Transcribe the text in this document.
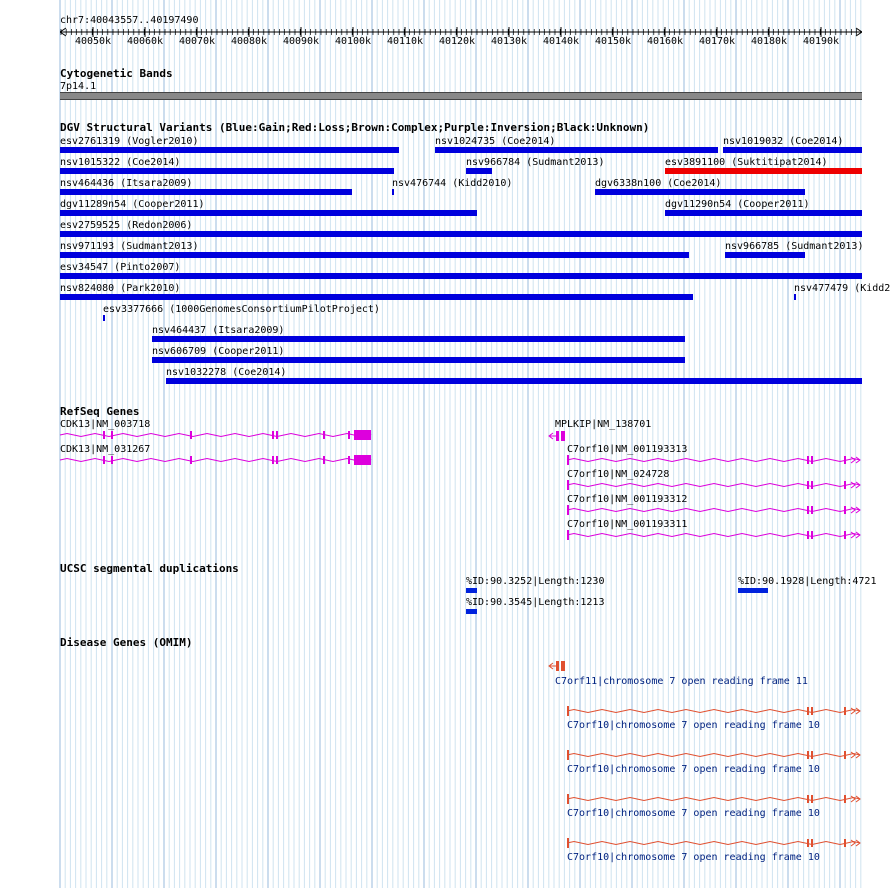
chr7:40043557..40197490
40050k 40060k 40070k 40080k 40090k 40100k 40110k 40120k 40130k 40140k 40150k 40160k 40170k 40180k 40190k
Cytogenetic Bands
7p14.1
DGV Structural Variants (Blue:Gain;Red:Loss;Brown:Complex;Purple:Inversion;Black:Unknown)
esv2761319 (Vogler2010)	nsv1024735 (Coe2014)	nsv1019032 (Coe2014)
nsv1015322 (Coe2014)	nsv966784 (Sudmant2013)	esv3891100 (Suktitipat2014)
nsv464436 (Itsara2009)	nsv476744 (Kidd2010)	dgv6338n100 (Coe2014)
dgv11289n54 (Cooper2011)	dgv11290n54 (Cooper2011)
esv2759525 (Redon2006)
nsv971193 (Sudmant2013)	nsv966785 (Sudmant2013)
esv34547 (Pinto2007)
nsv824080 (Park2010)	nsv477479 (Kidd2
esv3377666 (1000GenomesConsortiumPilotProject)
nsv464437 (Itsara2009)
nsv606709 (Cooper2011)
nsv1032278 (Coe2014)
RefSeq Genes
CDK13|NM_003718
CDK13|NM_031267
MPLKIP|NM_138701
C7orf10|NM_001193313
C7orf10|NM_024728
C7orf10|NM_001193312
C7orf10|NM_001193311
UCSC segmental duplications
%ID:90.3252|Length:1230
%ID:90.3545|Length:1213
%ID:90.1928|Length:4721
Disease Genes (OMIM)
C7orf11|chromosome 7 open reading frame 11
C7orf10|chromosome 7 open reading frame 10
C7orf10|chromosome 7 open reading frame 10
C7orf10|chromosome 7 open reading frame 10
C7orf10|chromosome 7 open reading frame 10
